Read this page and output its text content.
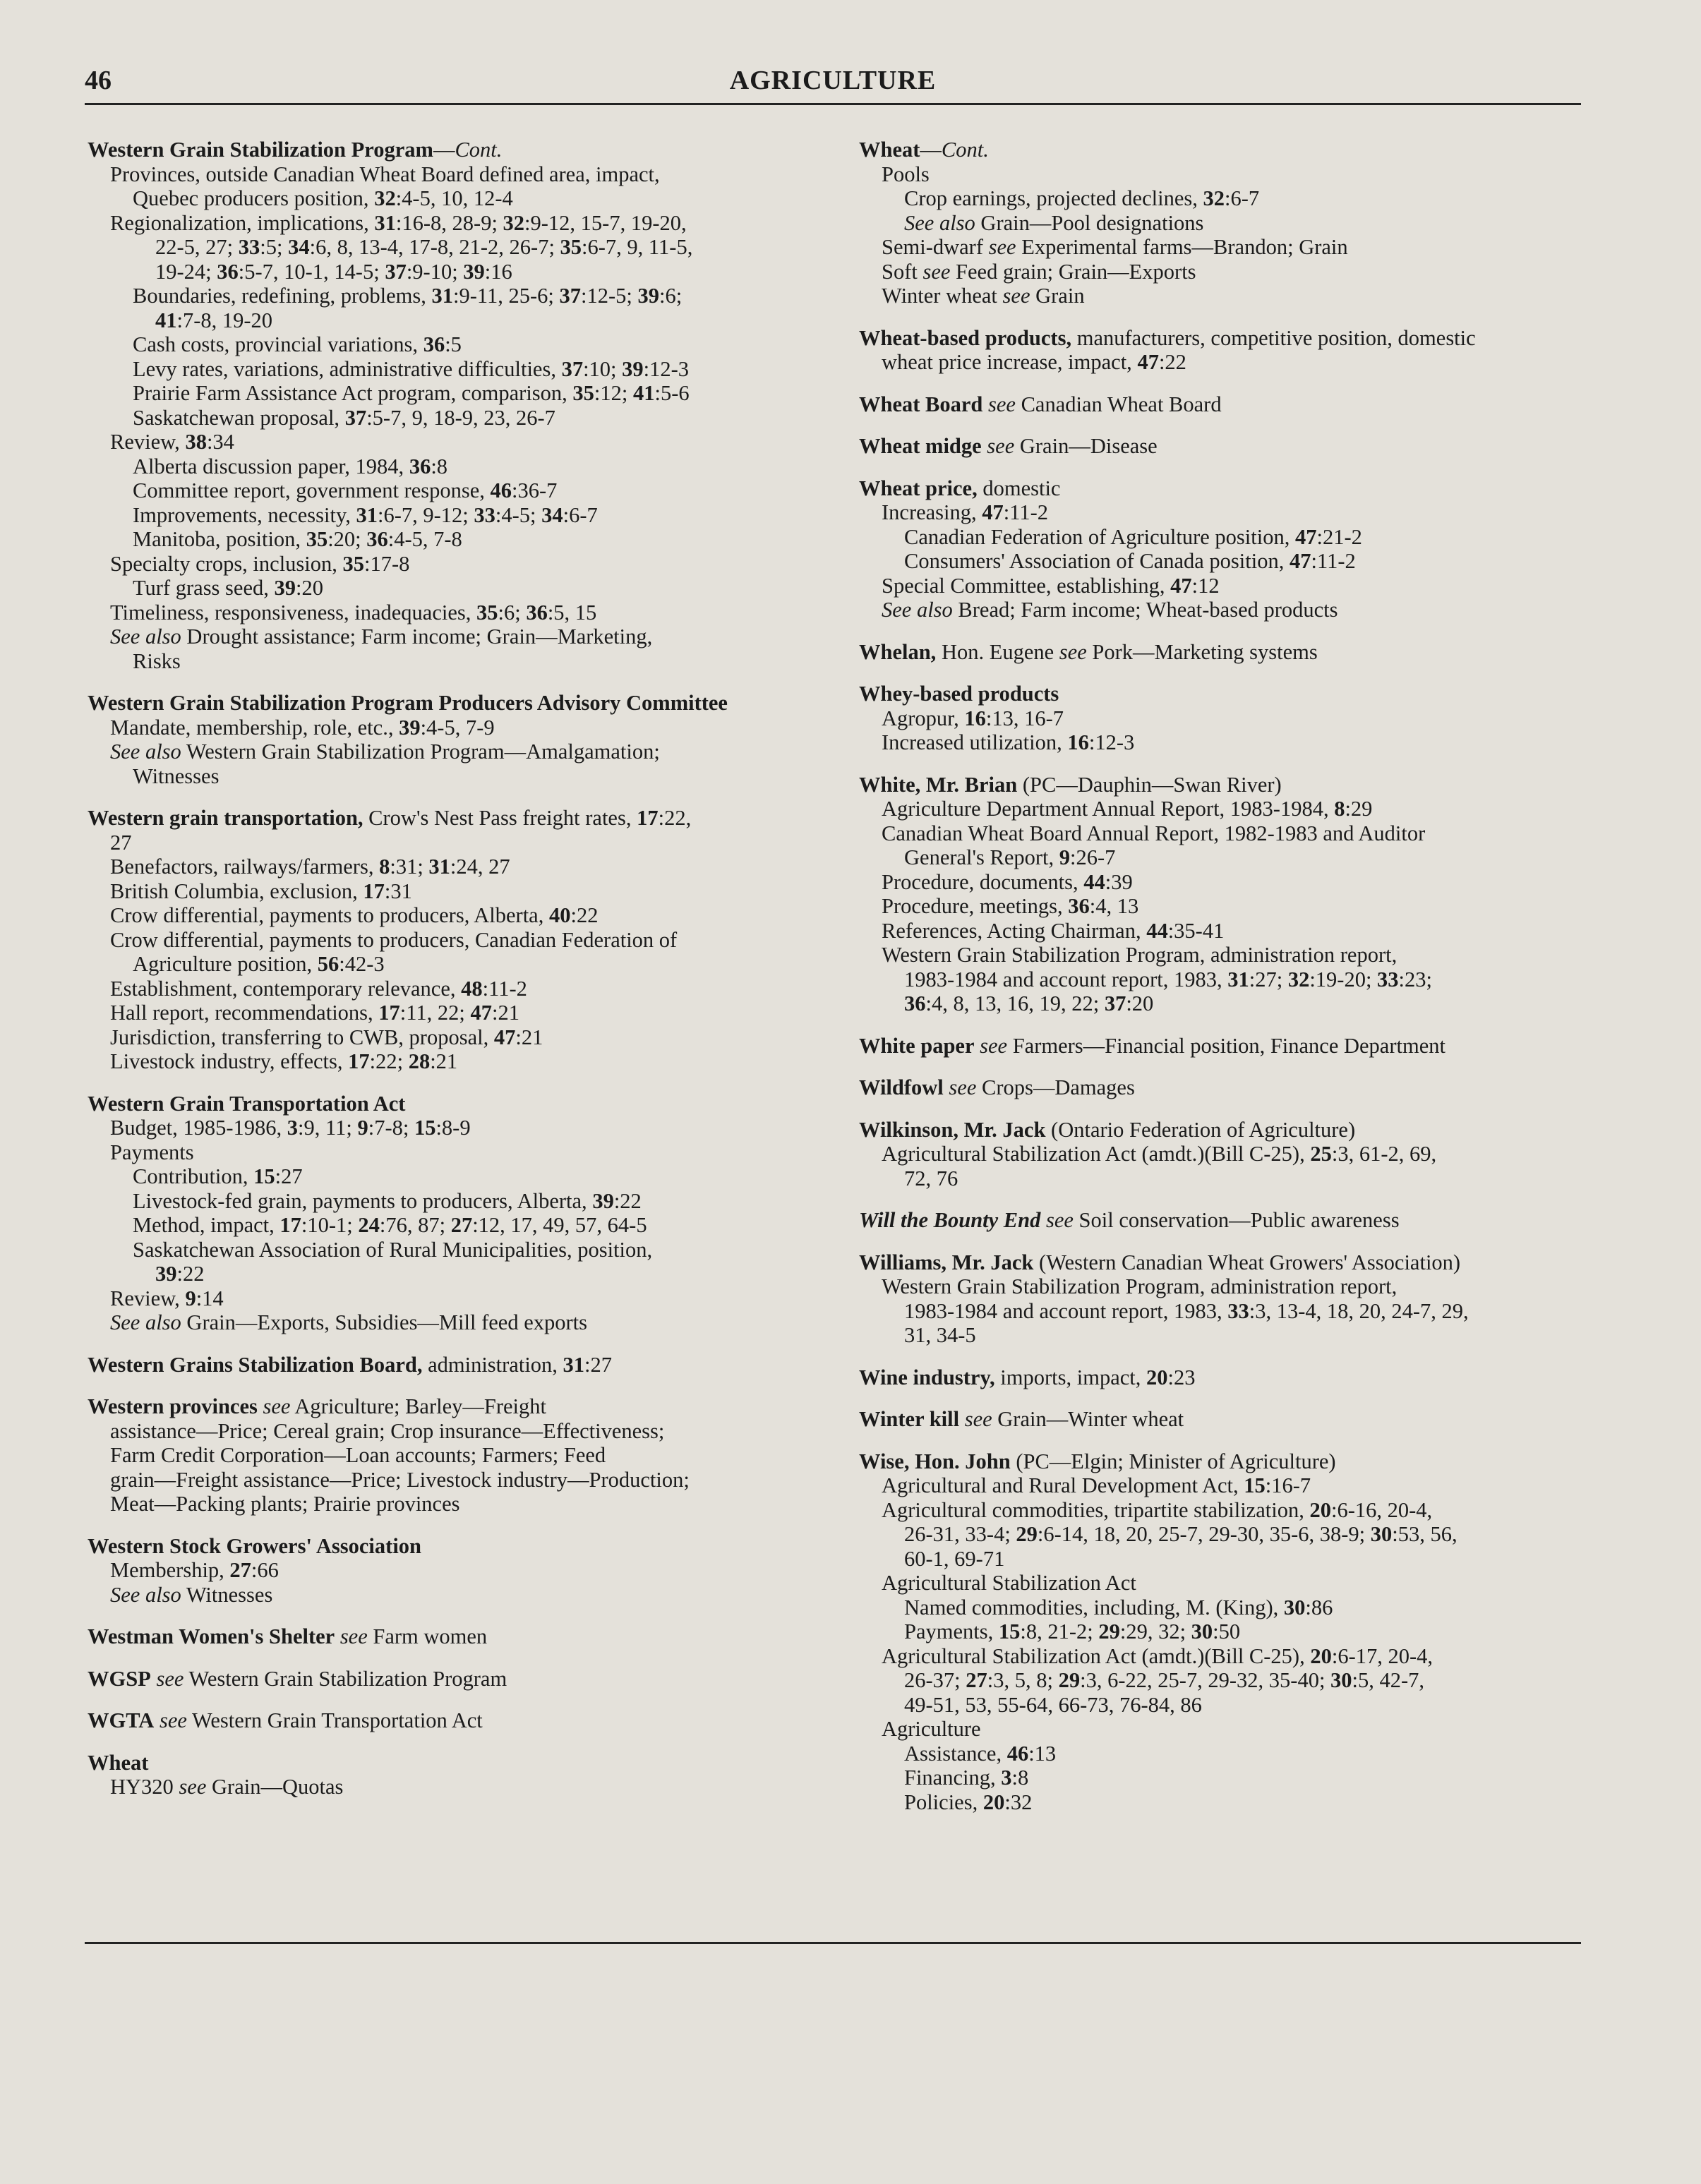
46	AGRICULTURE
Western Grain Stabilization Program—Cont.
Provinces, outside Canadian Wheat Board defined area, impact,
Quebec producers position, 32:4-5, 10, 12-4
Regionalization, implications, 31:16-8, 28-9; 32:9-12, 15-7, 19-20,
22-5, 27; 33:5; 34:6, 8, 13-4, 17-8, 21-2, 26-7; 35:6-7, 9, 11-5,
19-24; 36:5-7, 10-1, 14-5; 37:9-10; 39:16
Boundaries, redefining, problems, 31:9-11, 25-6; 37:12-5; 39:6;
41:7-8, 19-20
Cash costs, provincial variations, 36:5
Levy rates, variations, administrative difficulties, 37:10; 39:12-3
Prairie Farm Assistance Act program, comparison, 35:12; 41:5-6
Saskatchewan proposal, 37:5-7, 9, 18-9, 23, 26-7
Review, 38:34
Alberta discussion paper, 1984, 36:8
Committee report, government response, 46:36-7
Improvements, necessity, 31:6-7, 9-12; 33:4-5; 34:6-7
Manitoba, position, 35:20; 36:4-5, 7-8
Specialty crops, inclusion, 35:17-8
Turf grass seed, 39:20
Timeliness, responsiveness, inadequacies, 35:6; 36:5, 15
See also Drought assistance; Farm income; Grain—Marketing,
Risks
Western Grain Stabilization Program Producers Advisory Committee
Mandate, membership, role, etc., 39:4-5, 7-9
See also Western Grain Stabilization Program—Amalgamation;
Witnesses
Western grain transportation, Crow's Nest Pass freight rates, 17:22,
27
Benefactors, railways/farmers, 8:31; 31:24, 27
British Columbia, exclusion, 17:31
Crow differential, payments to producers, Alberta, 40:22
Crow differential, payments to producers, Canadian Federation of
Agriculture position, 56:42-3
Establishment, contemporary relevance, 48:11-2
Hall report, recommendations, 17:11, 22; 47:21
Jurisdiction, transferring to CWB, proposal, 47:21
Livestock industry, effects, 17:22; 28:21
Western Grain Transportation Act
Budget, 1985-1986, 3:9, 11; 9:7-8; 15:8-9
Payments
Contribution, 15:27
Livestock-fed grain, payments to producers, Alberta, 39:22
Method, impact, 17:10-1; 24:76, 87; 27:12, 17, 49, 57, 64-5
Saskatchewan Association of Rural Municipalities, position,
39:22
Review, 9:14
See also Grain—Exports, Subsidies—Mill feed exports
Western Grains Stabilization Board, administration, 31:27
Western provinces see Agriculture; Barley—Freight
assistance—Price; Cereal grain; Crop insurance—Effectiveness;
Farm Credit Corporation—Loan accounts; Farmers; Feed
grain—Freight assistance—Price; Livestock industry—Production;
Meat—Packing plants; Prairie provinces
Western Stock Growers' Association
Membership, 27:66
See also Witnesses
Westman Women's Shelter see Farm women
WGSP see Western Grain Stabilization Program
WGTA see Western Grain Transportation Act
Wheat
HY320 see Grain—Quotas
Wheat—Cont.
Pools
Crop earnings, projected declines, 32:6-7
See also Grain—Pool designations
Semi-dwarf see Experimental farms—Brandon; Grain
Soft see Feed grain; Grain—Exports
Winter wheat see Grain
Wheat-based products, manufacturers, competitive position, domestic
wheat price increase, impact, 47:22
Wheat Board see Canadian Wheat Board
Wheat midge see Grain—Disease
Wheat price, domestic
Increasing, 47:11-2
Canadian Federation of Agriculture position, 47:21-2
Consumers' Association of Canada position, 47:11-2
Special Committee, establishing, 47:12
See also Bread; Farm income; Wheat-based products
Whelan, Hon. Eugene see Pork—Marketing systems
Whey-based products
Agropur, 16:13, 16-7
Increased utilization, 16:12-3
White, Mr. Brian (PC—Dauphin—Swan River)
Agriculture Department Annual Report, 1983-1984, 8:29
Canadian Wheat Board Annual Report, 1982-1983 and Auditor
General's Report, 9:26-7
Procedure, documents, 44:39
Procedure, meetings, 36:4, 13
References, Acting Chairman, 44:35-41
Western Grain Stabilization Program, administration report,
1983-1984 and account report, 1983, 31:27; 32:19-20; 33:23;
36:4, 8, 13, 16, 19, 22; 37:20
White paper see Farmers—Financial position, Finance Department
Wildfowl see Crops—Damages
Wilkinson, Mr. Jack (Ontario Federation of Agriculture)
Agricultural Stabilization Act (amdt.)(Bill C-25), 25:3, 61-2, 69,
72, 76
Will the Bounty End see Soil conservation—Public awareness
Williams, Mr. Jack (Western Canadian Wheat Growers' Association)
Western Grain Stabilization Program, administration report,
1983-1984 and account report, 1983, 33:3, 13-4, 18, 20, 24-7, 29,
31, 34-5
Wine industry, imports, impact, 20:23
Winter kill see Grain—Winter wheat
Wise, Hon. John (PC—Elgin; Minister of Agriculture)
Agricultural and Rural Development Act, 15:16-7
Agricultural commodities, tripartite stabilization, 20:6-16, 20-4,
26-31, 33-4; 29:6-14, 18, 20, 25-7, 29-30, 35-6, 38-9; 30:53, 56,
60-1, 69-71
Agricultural Stabilization Act
Named commodities, including, M. (King), 30:86
Payments, 15:8, 21-2; 29:29, 32; 30:50
Agricultural Stabilization Act (amdt.)(Bill C-25), 20:6-17, 20-4,
26-37; 27:3, 5, 8; 29:3, 6-22, 25-7, 29-32, 35-40; 30:5, 42-7,
49-51, 53, 55-64, 66-73, 76-84, 86
Agriculture
Assistance, 46:13
Financing, 3:8
Policies, 20:32
